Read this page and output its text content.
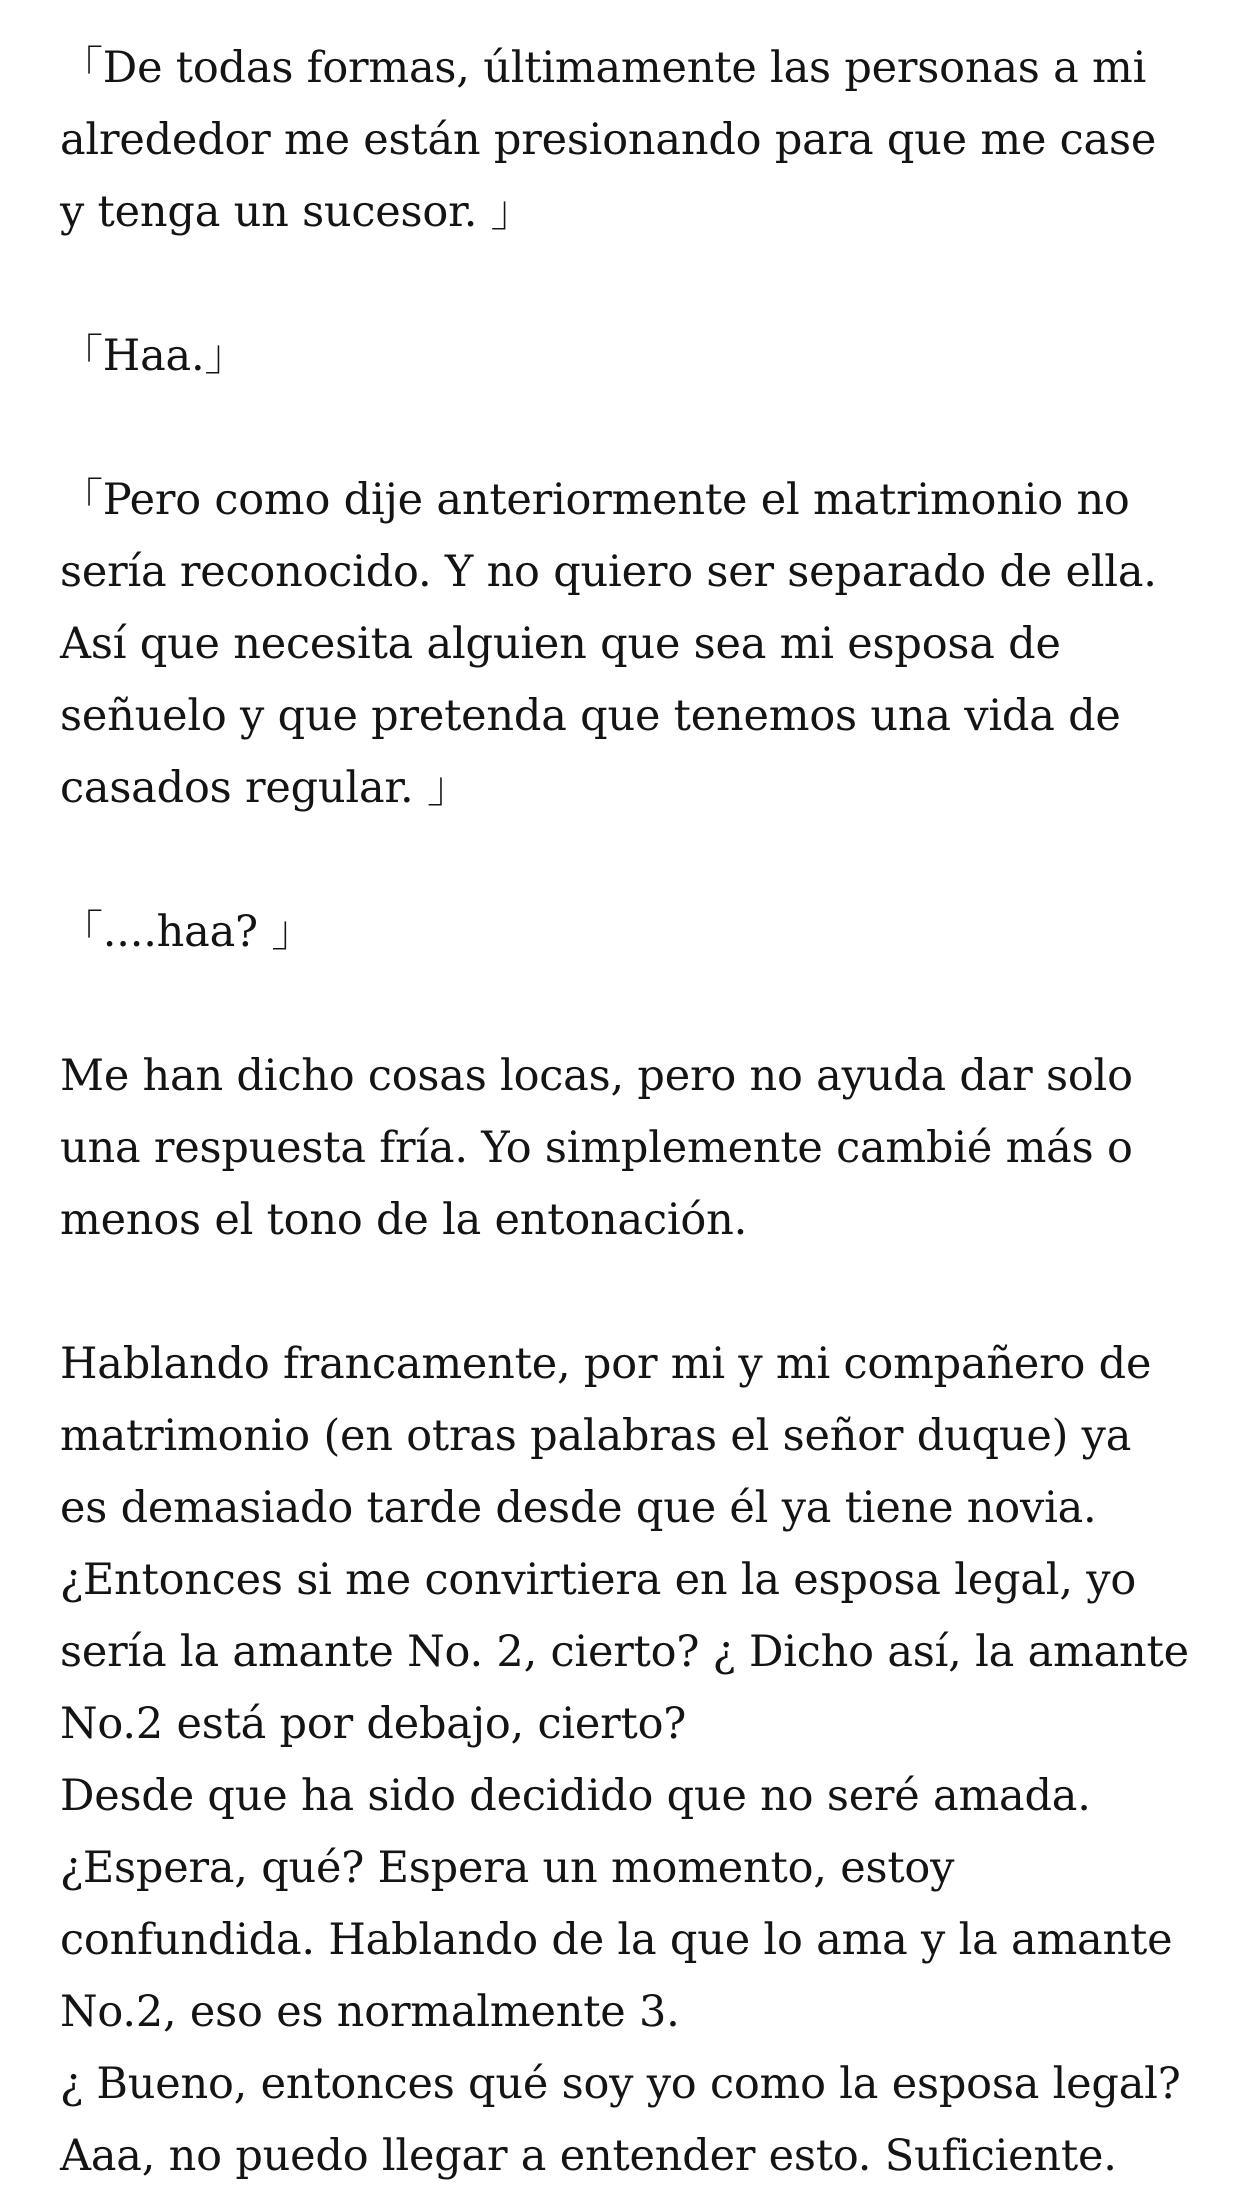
「De todas formas, últimamente las personas a mi
alrededor me están presionando para que me case
y tenga un sucesor. 」

「Haa.」

「Pero como dije anteriormente el matrimonio no
sería reconocido. Y no quiero ser separado de ella.
Así que necesita alguien que sea mi esposa de
señuelo y que pretenda que tenemos una vida de
casados regular. 」

「....haa? 」

Me han dicho cosas locas, pero no ayuda dar solo
una respuesta fría. Yo simplemente cambié más o
menos el tono de la entonación.

Hablando francamente, por mi y mi compañero de
matrimonio (en otras palabras el señor duque) ya
es demasiado tarde desde que él ya tiene novia.
¿Entonces si me convirtiera en la esposa legal, yo
sería la amante No. 2, cierto? ¿ Dicho así, la amante
No.2 está por debajo, cierto?
Desde que ha sido decidido que no seré amada.
¿Espera, qué? Espera un momento, estoy
confundida. Hablando de la que lo ama y la amante
No.2, eso es normalmente 3.
¿ Bueno, entonces qué soy yo como la esposa legal?
Aaa, no puedo llegar a entender esto. Suficiente.
